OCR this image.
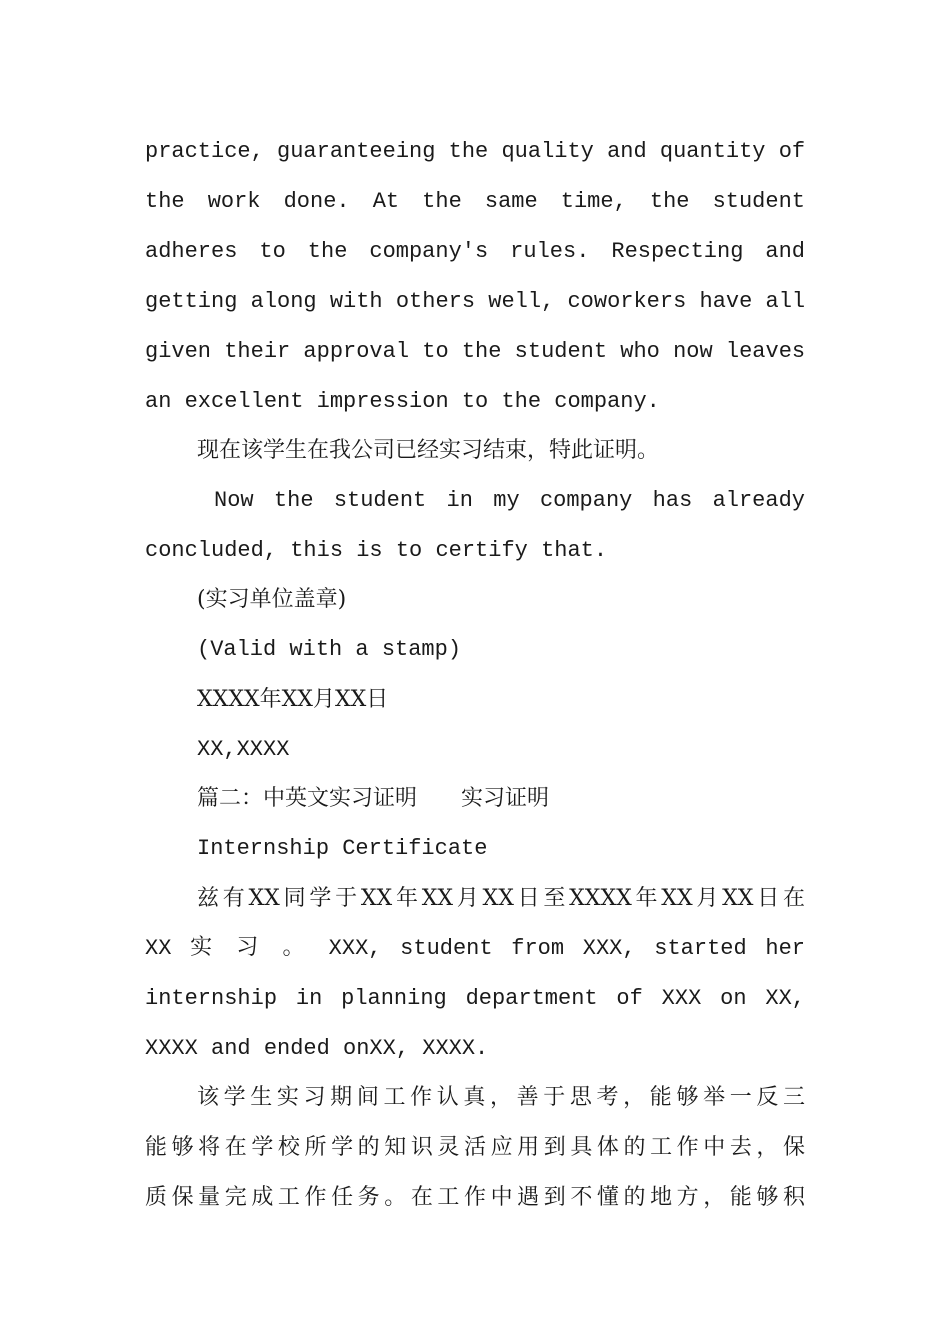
practice, guaranteeing the quality and quantity of
the work done. At the same time, the student
adheres to the company's rules. Respecting and
getting along with others well, coworkers have all
given their approval to the student who now leaves
an excellent impression to the company.
现在该学生在我公司已经实习结束，特此证明。
Now the student in my company has already
concluded, this is to certify that.
(实习单位盖章)
(Valid with a stamp)
XXXX年XX月XX日
XX,XXXX
篇二：中英文实习证明　　实习证明
Internship Certificate
兹有XX同学于XX年XX月XX日至XXXX年XX月XX日在
XX 实 习 。 XXX, student from XXX, started her
internship in planning department of XXX on XX,
XXXX and ended onXX, XXXX.
该学生实习期间工作认真，善于思考，能够举一反三
能够将在学校所学的知识灵活应用到具体的工作中去，保
质保量完成工作任务。在工作中遇到不懂的地方，能够积
